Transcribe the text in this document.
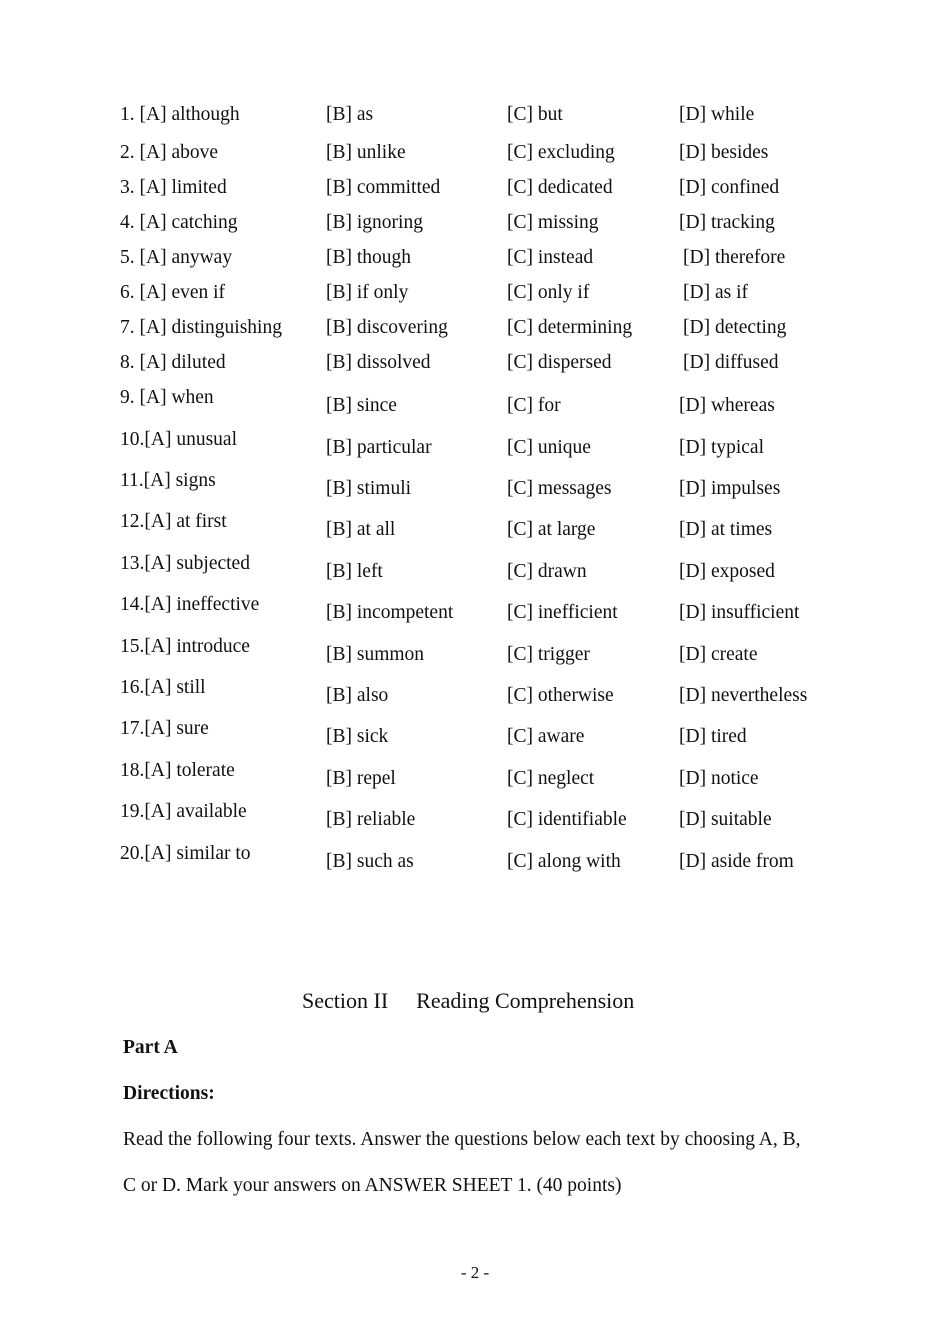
1. [A] although	[B] as	[C] but	[D] while
2. [A] above	[B] unlike	[C] excluding	[D] besides
3. [A] limited	[B] committed	[C] dedicated	[D] confined
4. [A] catching	[B] ignoring	[C] missing	[D] tracking
5. [A] anyway	[B] though	[C] instead	[D] therefore
6. [A] even if	[B] if only	[C] only if	[D] as if
7. [A] distinguishing [B] discovering	[C] determining	[D] detecting
8. [A] diluted	[B] dissolved	[C] dispersed	[D] diffused
9. [A] when	[B] since	[C] for	[D] whereas
10.[A] unusual	[B] particular	[C] unique	[D] typical
11.[A] signs	[B] stimuli	[C] messages	[D] impulses
12.[A] at first	[B] at all	[C] at large	[D] at times
13.[A] subjected	[B] left	[C] drawn	[D] exposed
14.[A] ineffective	[B] incompetent	[C] inefficient	[D] insufficient
15.[A] introduce	[B] summon	[C] trigger	[D] create
16.[A] still	[B] also	[C] otherwise	[D] nevertheless
17.[A] sure	[B] sick	[C] aware	[D] tired
18.[A] tolerate	[B] repel	[C] neglect	[D] notice
19.[A] available	[B] reliable	[C] identifiable	[D] suitable
20.[A] similar to	[B] such as	[C] along with	[D] aside from
Section II Reading Comprehension
Part A
Directions:
Read the following four texts. Answer the questions below each text by choosing A, B,
C or D. Mark your answers on ANSWER SHEET 1. (40 points)
- 2 -
